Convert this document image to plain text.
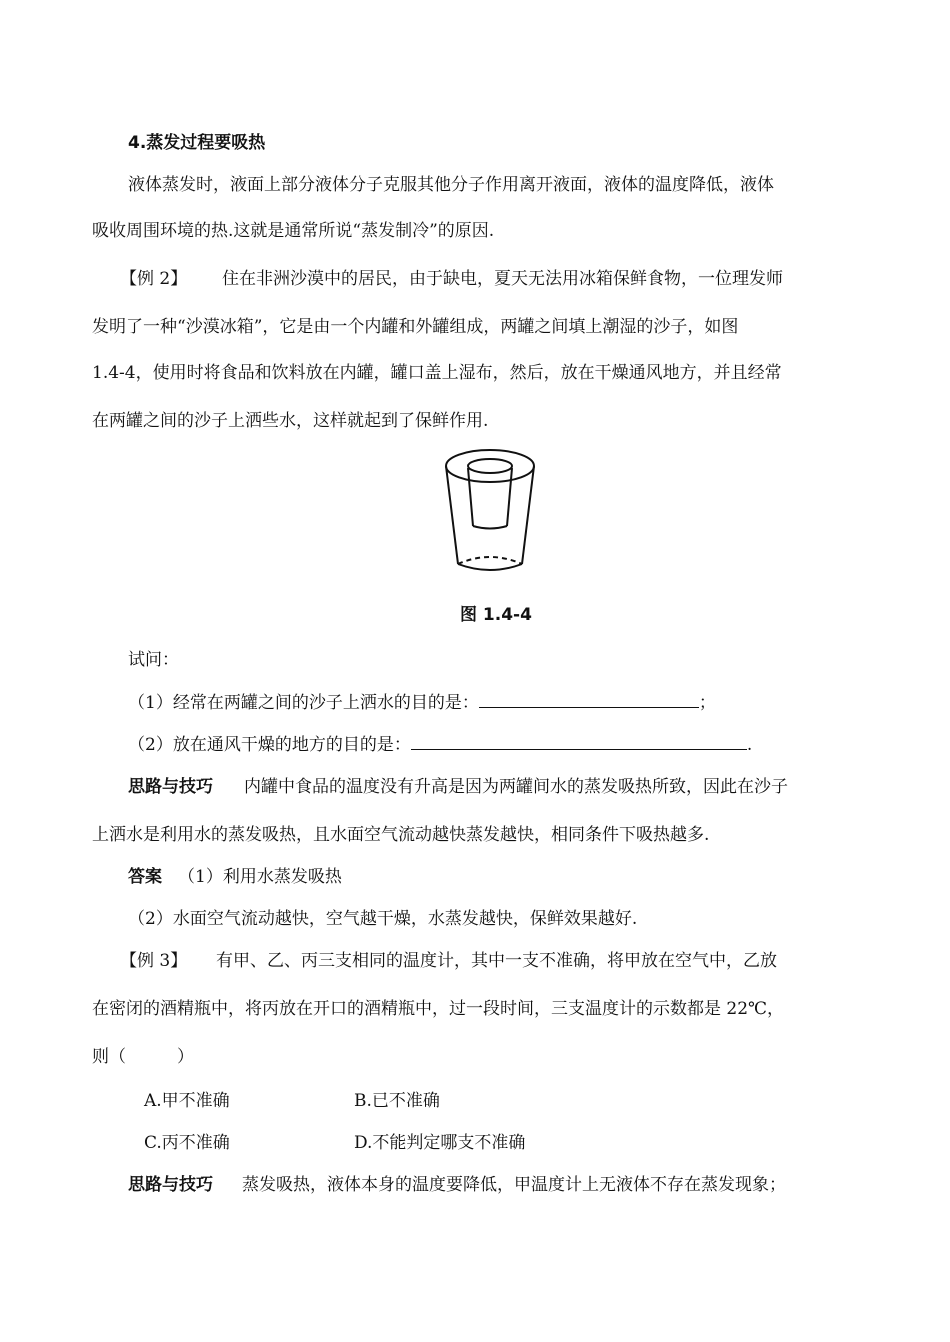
4.蒸发过程要吸热
液体蒸发时，液面上部分液体分子克服其他分子作用离开液面，液体的温度降低，液体
吸收周围环境的热.这就是通常所说“蒸发制冷”的原因.
【例 2】 住在非洲沙漠中的居民，由于缺电，夏天无法用冰箱保鲜食物，一位理发师
发明了一种“沙漠冰箱”，它是由一个内罐和外罐组成，两罐之间填上潮湿的沙子，如图
1.4-4，使用时将食品和饮料放在内罐，罐口盖上湿布，然后，放在干燥通风地方，并且经常
在两罐之间的沙子上洒些水，这样就起到了保鲜作用.
图 1.4-4
试问：
（1）经常在两罐之间的沙子上洒水的目的是：	；
（2）放在通风干燥的地方的目的是：	.
思路与技巧 内罐中食品的温度没有升高是因为两罐间水的蒸发吸热所致，因此在沙子
上洒水是利用水的蒸发吸热，且水面空气流动越快蒸发越快，相同条件下吸热越多.
答案 （1）利用水蒸发吸热
（2）水面空气流动越快，空气越干燥，水蒸发越快，保鲜效果越好.
【例 3】 有甲、乙、丙三支相同的温度计，其中一支不准确，将甲放在空气中，乙放
在密闭的酒精瓶中，将丙放在开口的酒精瓶中，过一段时间，三支温度计的示数都是 22℃，
则（　　　）
A.甲不准确	B.已不准确
C.丙不准确	D.不能判定哪支不准确
思路与技巧 蒸发吸热，液体本身的温度要降低，甲温度计上无液体不存在蒸发现象；
